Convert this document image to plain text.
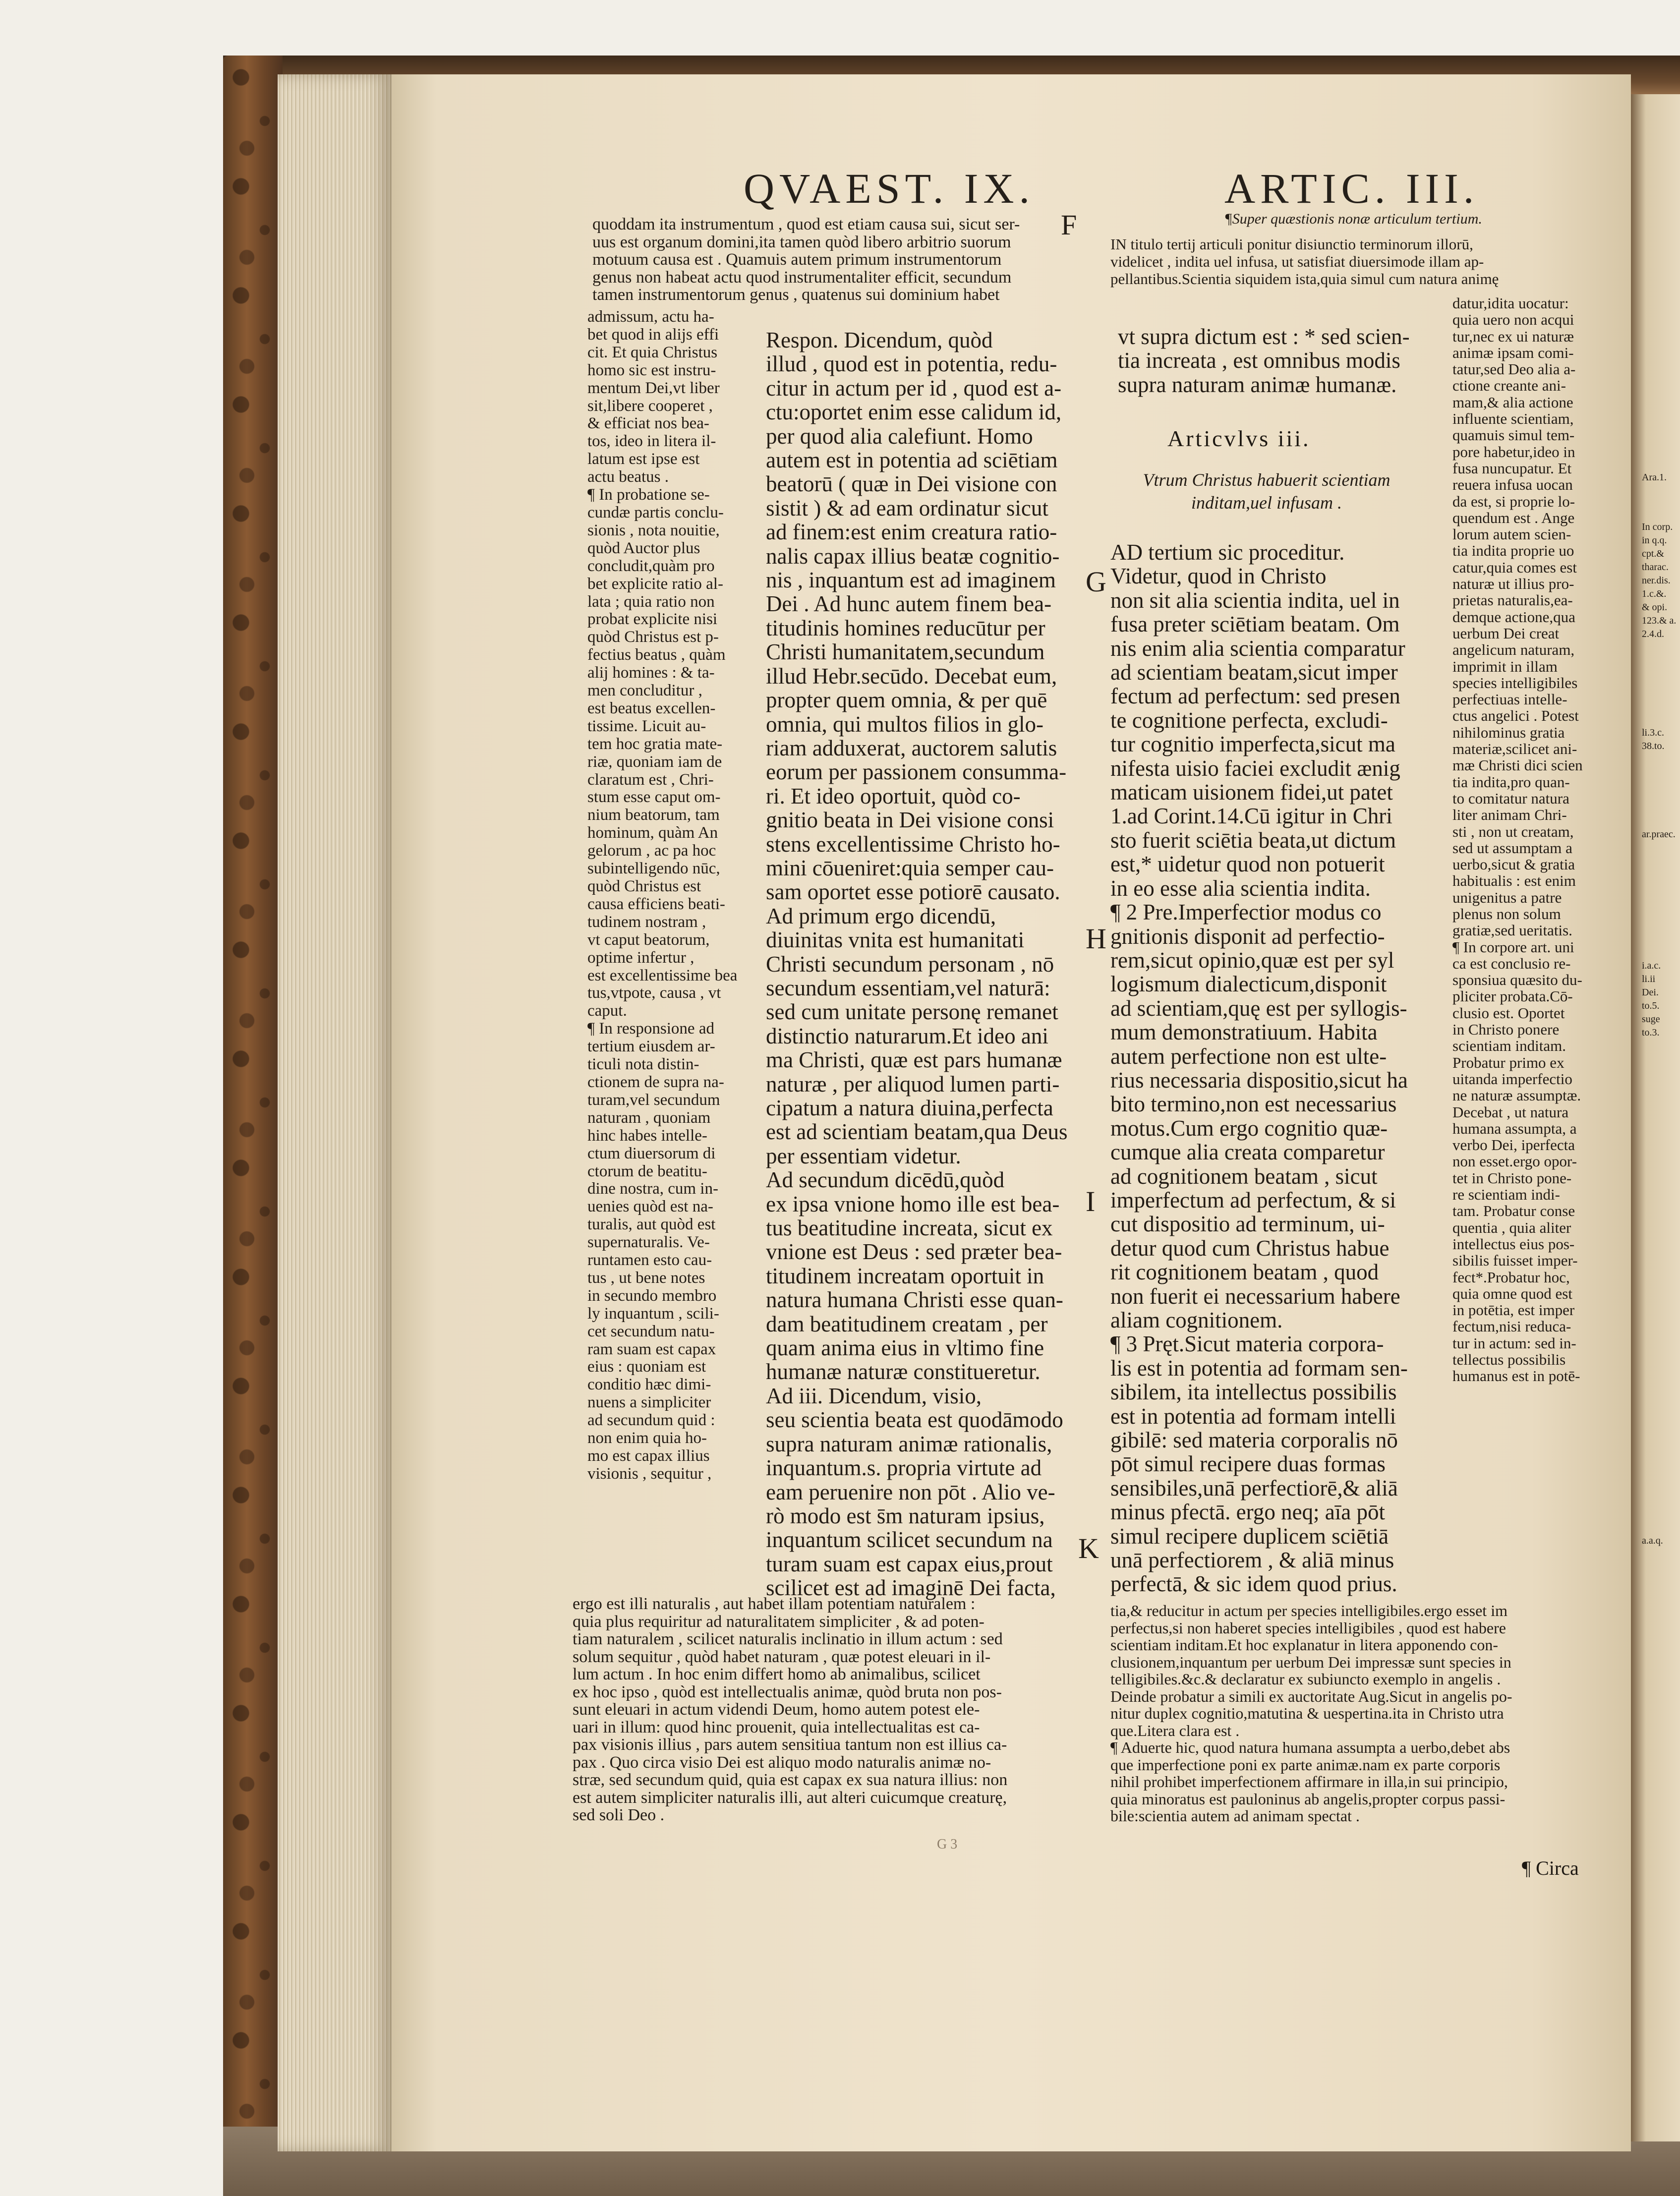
QVAEST. IX.	ARTIC. III.
F
G
H
I
K
quoddam ita instrumentum , quod est etiam causa sui, sicut ser-
uus est organum domini,ita tamen quòd libero arbitrio suorum
motuum causa est . Quamuis autem primum instrumentorum
genus non habeat actu quod instrumentaliter efficit, secundum
tamen instrumentorum genus , quatenus sui dominium habet
admissum, actu ha-
bet quod in alijs effi
cit. Et quia Christus
homo sic est instru-
mentum Dei,vt liber
sit,libere cooperet ,
& efficiat nos bea-
tos, ideo in litera il-
latum est ipse est
actu beatus .
¶ In probatione se-
cundæ partis conclu-
sionis , nota nouitie,
quòd Auctor plus
concludit,quàm pro
bet explicite ratio al-
lata ; quia ratio non
probat explicite nisi
quòd Christus est p-
fectius beatus , quàm
alij homines : & ta-
men concluditur ,
est beatus excellen-
tissime. Licuit au-
tem hoc gratia mate-
riæ, quoniam iam de
claratum est , Chri-
stum esse caput om-
nium beatorum, tam
hominum, quàm An
gelorum , ac pa hoc
subintelligendo nūc,
quòd Christus est
causa efficiens beati-
tudinem nostram ,
vt caput beatorum,
optime infertur ,
est excellentissime bea
tus,vtpote, causa , vt
caput.
¶ In responsione ad
tertium eiusdem ar-
ticuli nota distin-
ctionem de supra na-
turam,vel secundum
naturam , quoniam
hinc habes intelle-
ctum diuersorum di
ctorum de beatitu-
dine nostra, cum in-
uenies quòd est na-
turalis, aut quòd est
supernaturalis. Ve-
runtamen esto cau-
tus , ut bene notes
in secundo membro
ly inquantum , scili-
cet secundum natu-
ram suam est capax
eius : quoniam est
conditio hæc dimi-
nuens a simpliciter
ad secundum quid :
non enim quia ho-
mo est capax illius
visionis , sequitur ,
Respon. Dicendum, quòd
illud , quod est in potentia, redu-
citur in actum per id , quod est a-
ctu:oportet enim esse calidum id,
per quod alia calefiunt. Homo
autem est in potentia ad sciētiam
beatorū ( quæ in Dei visione con
sistit ) & ad eam ordinatur sicut
ad finem:est enim creatura ratio-
nalis capax illius beatæ cognitio-
nis , inquantum est ad imaginem
Dei . Ad hunc autem finem bea-
titudinis homines reducūtur per
Christi humanitatem,secundum
illud Hebr.secūdo. Decebat eum,
propter quem omnia, & per quē
omnia, qui multos filios in glo-
riam adduxerat, auctorem salutis
eorum per passionem consumma-
ri. Et ideo oportuit, quòd co-
gnitio beata in Dei visione consi
stens excellentissime Christo ho-
mini cōueniret:quia semper cau-
sam oportet esse potiorē causato.
Ad primum ergo dicendū,
diuinitas vnita est humanitati
Christi secundum personam , nō
secundum essentiam,vel naturā:
sed cum unitate personę remanet
distinctio naturarum.Et ideo ani
ma Christi, quæ est pars humanæ
naturæ , per aliquod lumen parti-
cipatum a natura diuina,perfecta
est ad scientiam beatam,qua Deus
per essentiam videtur.
Ad secundum dicēdū,quòd
ex ipsa vnione homo ille est bea-
tus beatitudine increata, sicut ex
vnione est Deus : sed præter bea-
titudinem increatam oportuit in
natura humana Christi esse quan-
dam beatitudinem creatam , per
quam anima eius in vltimo fine
humanæ naturæ constitueretur.
Ad iii. Dicendum, visio,
seu scientia beata est quodāmodo
supra naturam animæ rationalis,
inquantum.s. propria virtute ad
eam peruenire non pōt . Alio ve-
rò modo est s̄m naturam ipsius,
inquantum scilicet secundum na
turam suam est capax eius,prout
scilicet est ad imaginē Dei facta,
ergo est illi naturalis , aut habet illam potentiam naturalem :
quia plus requiritur ad naturalitatem simpliciter , & ad poten-
tiam naturalem , scilicet naturalis inclinatio in illum actum : sed
solum sequitur , quòd habet naturam , quæ potest eleuari in il-
lum actum . In hoc enim differt homo ab animalibus, scilicet
ex hoc ipso , quòd est intellectualis animæ, quòd bruta non pos-
sunt eleuari in actum videndi Deum, homo autem potest ele-
uari in illum: quod hinc prouenit, quia intellectualitas est ca-
pax visionis illius , pars autem sensitiua tantum non est illius ca-
pax . Quo circa visio Dei est aliquo modo naturalis animæ no-
stræ, sed secundum quid, quia est capax ex sua natura illius: non
est autem simpliciter naturalis illi, aut alteri cuicumque creaturę,
sed soli Deo .
¶Super quæstionis nonæ articulum tertium.
IN titulo tertij articuli ponitur disiunctio terminorum illorū,
videlicet , indita uel infusa, ut satisfiat diuersimode illam ap-
pellantibus.Scientia siquidem ista,quia simul cum natura animę
vt supra dictum est : * sed scien-
tia increata , est omnibus modis
supra naturam animæ humanæ.
Articvlvs iii.
Vtrum Christus habuerit scientiam
inditam,uel infusam .
AD tertium sic proceditur.
Videtur, quod in Christo
non sit alia scientia indita, uel in
fusa preter sciētiam beatam. Om
nis enim alia scientia comparatur
ad scientiam beatam,sicut imper
fectum ad perfectum: sed presen
te cognitione perfecta, excludi-
tur cognitio imperfecta,sicut ma
nifesta uisio faciei excludit ænig
maticam uisionem fidei,ut patet
1.ad Corint.14.Cū igitur in Chri
sto fuerit sciētia beata,ut dictum
est,* uidetur quod non potuerit
in eo esse alia scientia indita.
¶ 2 Pre.Imperfectior modus co
gnitionis disponit ad perfectio-
rem,sicut opinio,quæ est per syl
logismum dialecticum,disponit
ad scientiam,quę est per syllogis-
mum demonstratiuum. Habita
autem perfectione non est ulte-
rius necessaria dispositio,sicut ha
bito termino,non est necessarius
motus.Cum ergo cognitio quæ-
cumque alia creata comparetur
ad cognitionem beatam , sicut
imperfectum ad perfectum, & si
cut dispositio ad terminum, ui-
detur quod cum Christus habue
rit cognitionem beatam , quod
non fuerit ei necessarium habere
aliam cognitionem.
¶ 3 Pręt.Sicut materia corpora-
lis est in potentia ad formam sen-
sibilem, ita intellectus possibilis
est in potentia ad formam intelli
gibilē: sed materia corporalis nō
pōt simul recipere duas formas
sensibiles,unā perfectiorē,& aliā
minus pfectā. ergo neq; aīa pōt
simul recipere duplicem sciētiā
unā perfectiorem , & aliā minus
perfectā, & sic idem quod prius.
datur,idita uocatur:
quia uero non acqui
tur,nec ex ui naturæ
animæ ipsam comi-
tatur,sed Deo alia a-
ctione creante ani-
mam,& alia actione
influente scientiam,
quamuis simul tem-
pore habetur,ideo in
fusa nuncupatur. Et
reuera infusa uocan
da est, si proprie lo-
quendum est . Ange
lorum autem scien-
tia indita proprie uo
catur,quia comes est
naturæ ut illius pro-
prietas naturalis,ea-
demque actione,qua
uerbum Dei creat
angelicum naturam,
imprimit in illam
species intelligibiles
perfectiuas intelle-
ctus angelici . Potest
nihilominus gratia
materiæ,scilicet ani-
mæ Christi dici scien
tia indita,pro quan-
to comitatur natura
liter animam Chri-
sti , non ut creatam,
sed ut assumptam a
uerbo,sicut & gratia
habitualis : est enim
unigenitus a patre
plenus non solum
gratiæ,sed ueritatis.
¶ In corpore art. uni
ca est conclusio re-
sponsiua quæsito du-
pliciter probata.Cō-
clusio est. Oportet
in Christo ponere
scientiam inditam.
Probatur primo ex
uitanda imperfectio
ne naturæ assumptæ.
Decebat , ut natura
humana assumpta, a
verbo Dei, iperfecta
non esset.ergo opor-
tet in Christo pone-
re scientiam indi-
tam. Probatur conse
quentia , quia aliter
intellectus eius pos-
sibilis fuisset imper-
fect*.Probatur hoc,
quia omne quod est
in potētia, est imper
fectum,nisi reduca-
tur in actum: sed in-
tellectus possibilis
humanus est in potē-
tia,& reducitur in actum per species intelligibiles.ergo esset im
perfectus,si non haberet species intelligibiles , quod est habere
scientiam inditam.Et hoc explanatur in litera apponendo con-
clusionem,inquantum per uerbum Dei impressæ sunt species in
telligibiles.&c.& declaratur ex subiuncto exemplo in angelis .
Deinde probatur a simili ex auctoritate Aug.Sicut in angelis po-
nitur duplex cognitio,matutina & uespertina.ita in Christo utra
que.Litera clara est .
¶ Aduerte hic, quod natura humana assumpta a uerbo,debet abs
que imperfectione poni ex parte animæ.nam ex parte corporis
nihil prohibet imperfectionem affirmare in illa,in sui principio,
quia minoratus est pauloninus ab angelis,propter corpus passi-
bile:scientia autem ad animam spectat .
¶ Circa
G 3
Ara.1.
In corp.
in q.q.
cpt.&
tharac.
ner.dis.
1.c.&.
& opi.
123.& a.
2.4.d.
li.3.c.
38.to.
ar.praec.
i.a.c.
li.ii
Dei.
to.5.
suge
to.3.
a.a.q.
